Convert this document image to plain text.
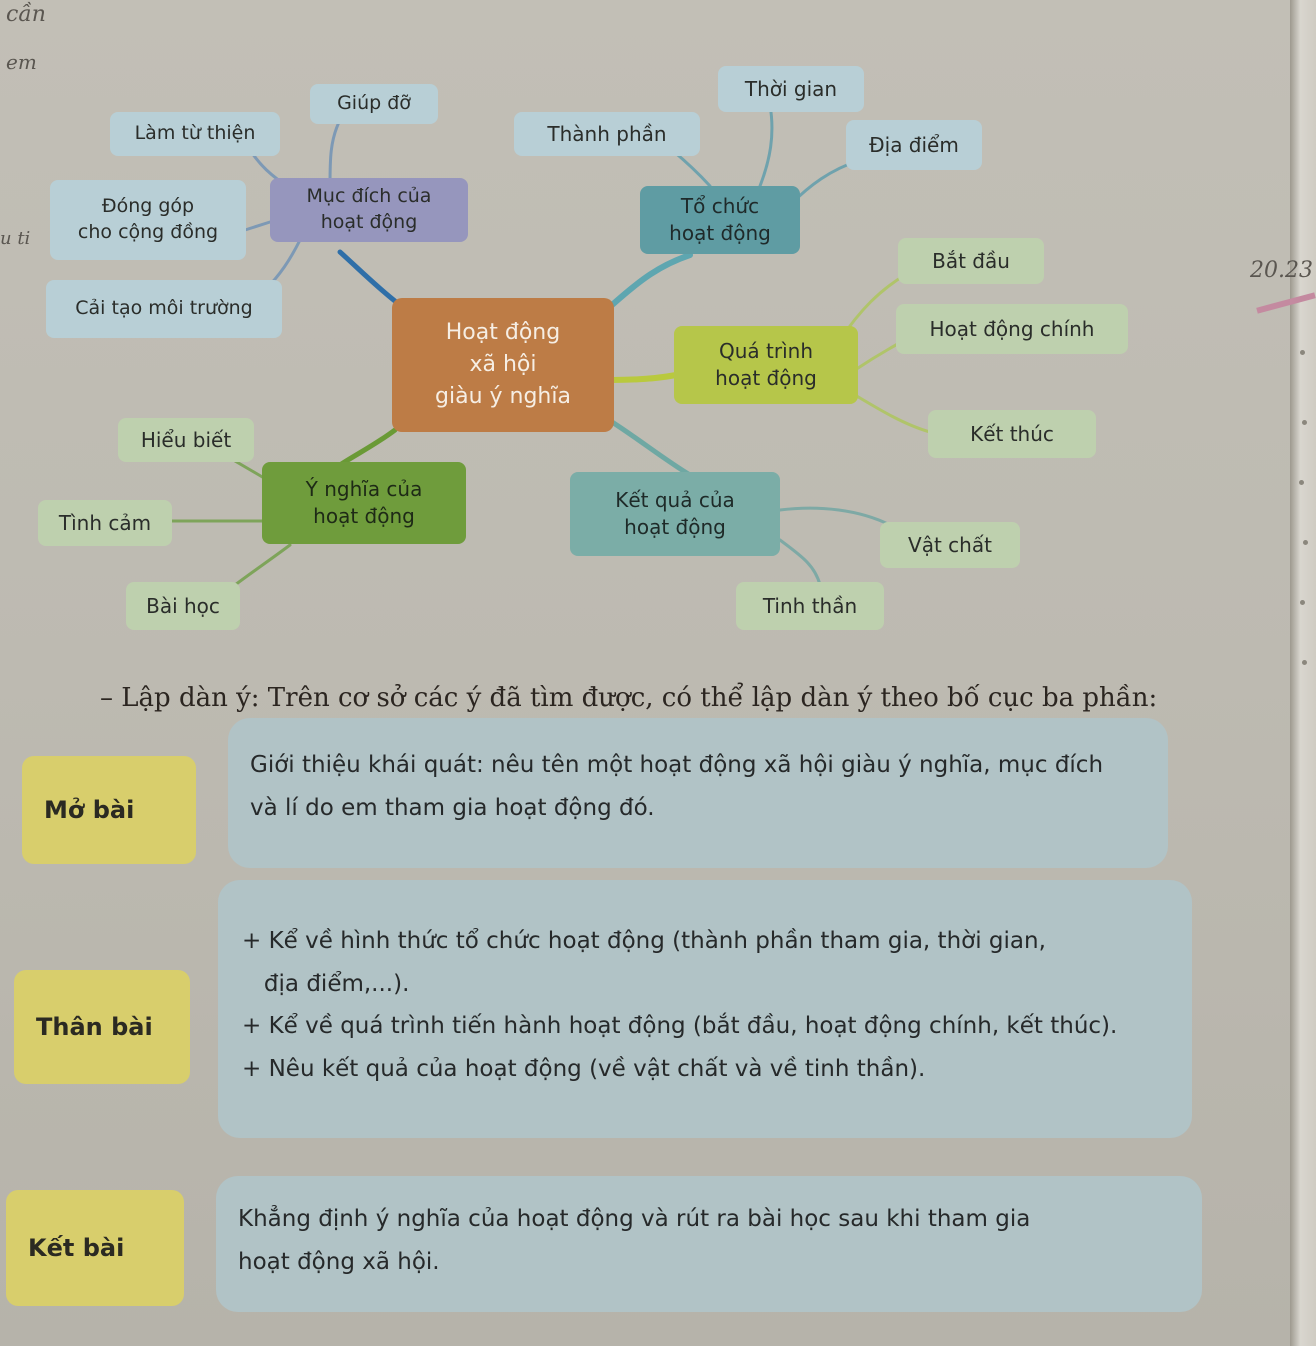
cần
em
u ti
20.23
Hoạt động
xã hội
giàu ý nghĩa
Mục đích của
hoạt động
Giúp đỡ
Làm từ thiện
Đóng góp
cho cộng đồng
Cải tạo môi trường
Tổ chức
hoạt động
Thời gian
Thành phần	Địa điểm
Quá trình
hoạt động
Bắt đầu
Hoạt động chính
Kết thúc
Ý nghĩa của
hoạt động
Hiểu biết
Tình cảm
Bài học
Kết quả của
hoạt động
Vật chất
Tinh thần
– Lập dàn ý: Trên cơ sở các ý đã tìm được, có thể lập dàn ý theo bố cục ba phần:
Mở bài
Giới thiệu khái quát: nêu tên một hoạt động xã hội giàu ý nghĩa, mục đích
và lí do em tham gia hoạt động đó.
Thân bài
+ Kể về hình thức tổ chức hoạt động (thành phần tham gia, thời gian,
địa điểm,...).
+ Kể về quá trình tiến hành hoạt động (bắt đầu, hoạt động chính, kết thúc).
+ Nêu kết quả của hoạt động (về vật chất và về tinh thần).
Kết bài
Khẳng định ý nghĩa của hoạt động và rút ra bài học sau khi tham gia
hoạt động xã hội.
